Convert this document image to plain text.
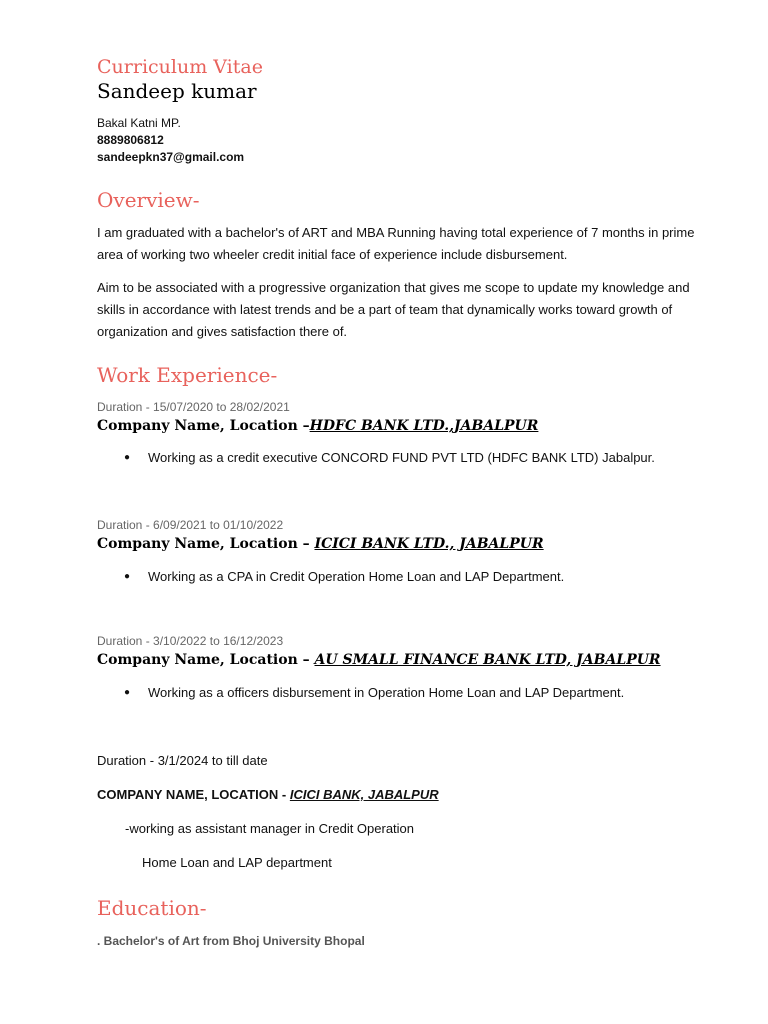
Curriculum Vitae
Sandeep kumar
Bakal Katni MP.
8889806812
sandeepkn37@gmail.com
Overview-
I am graduated with a bachelor's of ART and MBA Running having total experience of 7 months in prime area of working two wheeler credit initial face of experience include disbursement.
Aim to be associated with a progressive organization that gives me scope to update my knowledge and skills in accordance with latest trends and be a part of team that dynamically works toward growth of organization and gives satisfaction there of.
Work Experience-
Duration - 15/07/2020 to 28/02/2021
Company Name, Location –HDFC BANK LTD.,JABALPUR
● Working as a credit executive CONCORD FUND PVT LTD (HDFC BANK LTD) Jabalpur.
Duration - 6/09/2021 to 01/10/2022
Company Name, Location – ICICI BANK LTD., JABALPUR
● Working as a CPA in Credit Operation Home Loan and LAP Department.
Duration - 3/10/2022 to 16/12/2023
Company Name, Location – AU SMALL FINANCE BANK LTD, JABALPUR
● Working as a officers disbursement in Operation Home Loan and LAP Department.
Duration - 3/1/2024 to till date
COMPANY NAME, LOCATION - ICICI BANK, JABALPUR
-working as assistant manager in Credit Operation
Home Loan and LAP department
Education-
. Bachelor's of Art from Bhoj University Bhopal
